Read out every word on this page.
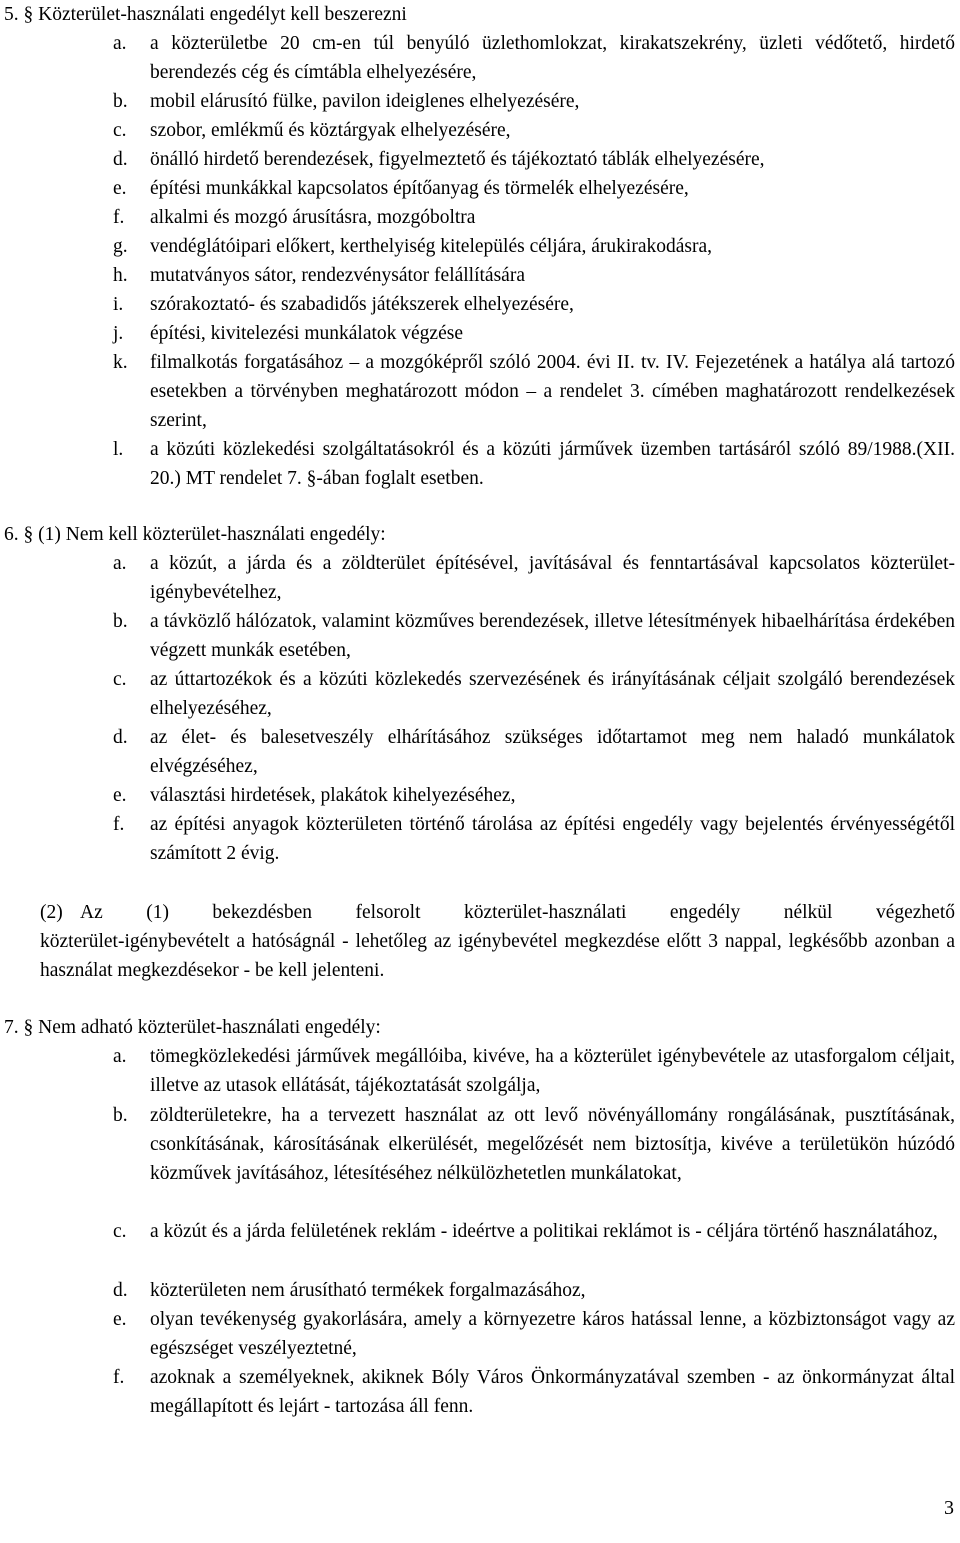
5. § Közterület-használati engedélyt kell beszerezni
a. a közterületbe 20 cm-en túl benyúló üzlethomlokzat, kirakatszekrény, üzleti védőtető, hirdető berendezés cég és címtábla elhelyezésére,
b. mobil elárusító fülke, pavilon ideiglenes elhelyezésére,
c. szobor, emlékmű és köztárgyak elhelyezésére,
d. önálló hirdető berendezések, figyelmeztető és tájékoztató táblák elhelyezésére,
e. építési munkákkal kapcsolatos építőanyag és törmelék elhelyezésére,
f. alkalmi és mozgó árusításra, mozgóboltra
g. vendéglátóipari előkert, kerthelyiség kitelepülés céljára, árukirakodásra,
h. mutatványos sátor, rendezvénysátor felállítására
i. szórakoztató- és szabadidős játékszerek elhelyezésére,
j. építési, kivitelezési munkálatok végzése
k. filmalkotás forgatásához – a mozgóképről szóló 2004. évi II. tv. IV. Fejezetének a hatálya alá tartozó esetekben a törvényben meghatározott módon – a rendelet 3. címében maghatározott rendelkezések szerint,
l. a közúti közlekedési szolgáltatásokról és a közúti járművek üzemben tartásáról szóló 89/1988.(XII. 20.) MT rendelet 7. §-ában foglalt esetben.
6. § (1) Nem kell közterület-használati engedély:
a. a közút, a járda és a zöldterület építésével, javításával és fenntartásával kapcsolatos közterület-igénybevételhez,
b. a távközlő hálózatok, valamint közműves berendezések, illetve létesítmények hibaelhárítása érdekében végzett munkák esetében,
c. az úttartozékok és a közúti közlekedés szervezésének és irányításának céljait szolgáló berendezések elhelyezéséhez,
d. az élet- és balesetveszély elhárításához szükséges időtartamot meg nem haladó munkálatok elvégzéséhez,
e. választási hirdetések, plakátok kihelyezéséhez,
f. az építési anyagok közterületen történő tárolása az építési engedély vagy bejelentés érvényességétől számított 2 évig.
(2) Az (1) bekezdésben felsorolt közterület-használati engedély nélkül végezhető
közterület-igénybevételt a hatóságnál - lehetőleg az igénybevétel megkezdése előtt 3 nappal, legkésőbb azonban a használat megkezdésekor - be kell jelenteni.
7. § Nem adható közterület-használati engedély:
a. tömegközlekedési járművek megállóiba, kivéve, ha a közterület igénybevétele az utasforgalom céljait, illetve az utasok ellátását, tájékoztatását szolgálja,
b. zöldterületekre, ha a tervezett használat az ott levő növényállomány rongálásának, pusztításának, csonkításának, károsításának elkerülését, megelőzését nem biztosítja, kivéve a területükön húzódó közművek javításához, létesítéséhez nélkülözhetetlen munkálatokat,
c. a közút és a járda felületének reklám - ideértve a politikai reklámot is - céljára történő használatához,
d. közterületen nem árusítható termékek forgalmazásához,
e. olyan tevékenység gyakorlására, amely a környezetre káros hatással lenne, a közbiztonságot vagy az egészséget veszélyeztetné,
f. azoknak a személyeknek, akiknek Bóly Város Önkormányzatával szemben - az önkormányzat által megállapított és lejárt - tartozása áll fenn.
3
